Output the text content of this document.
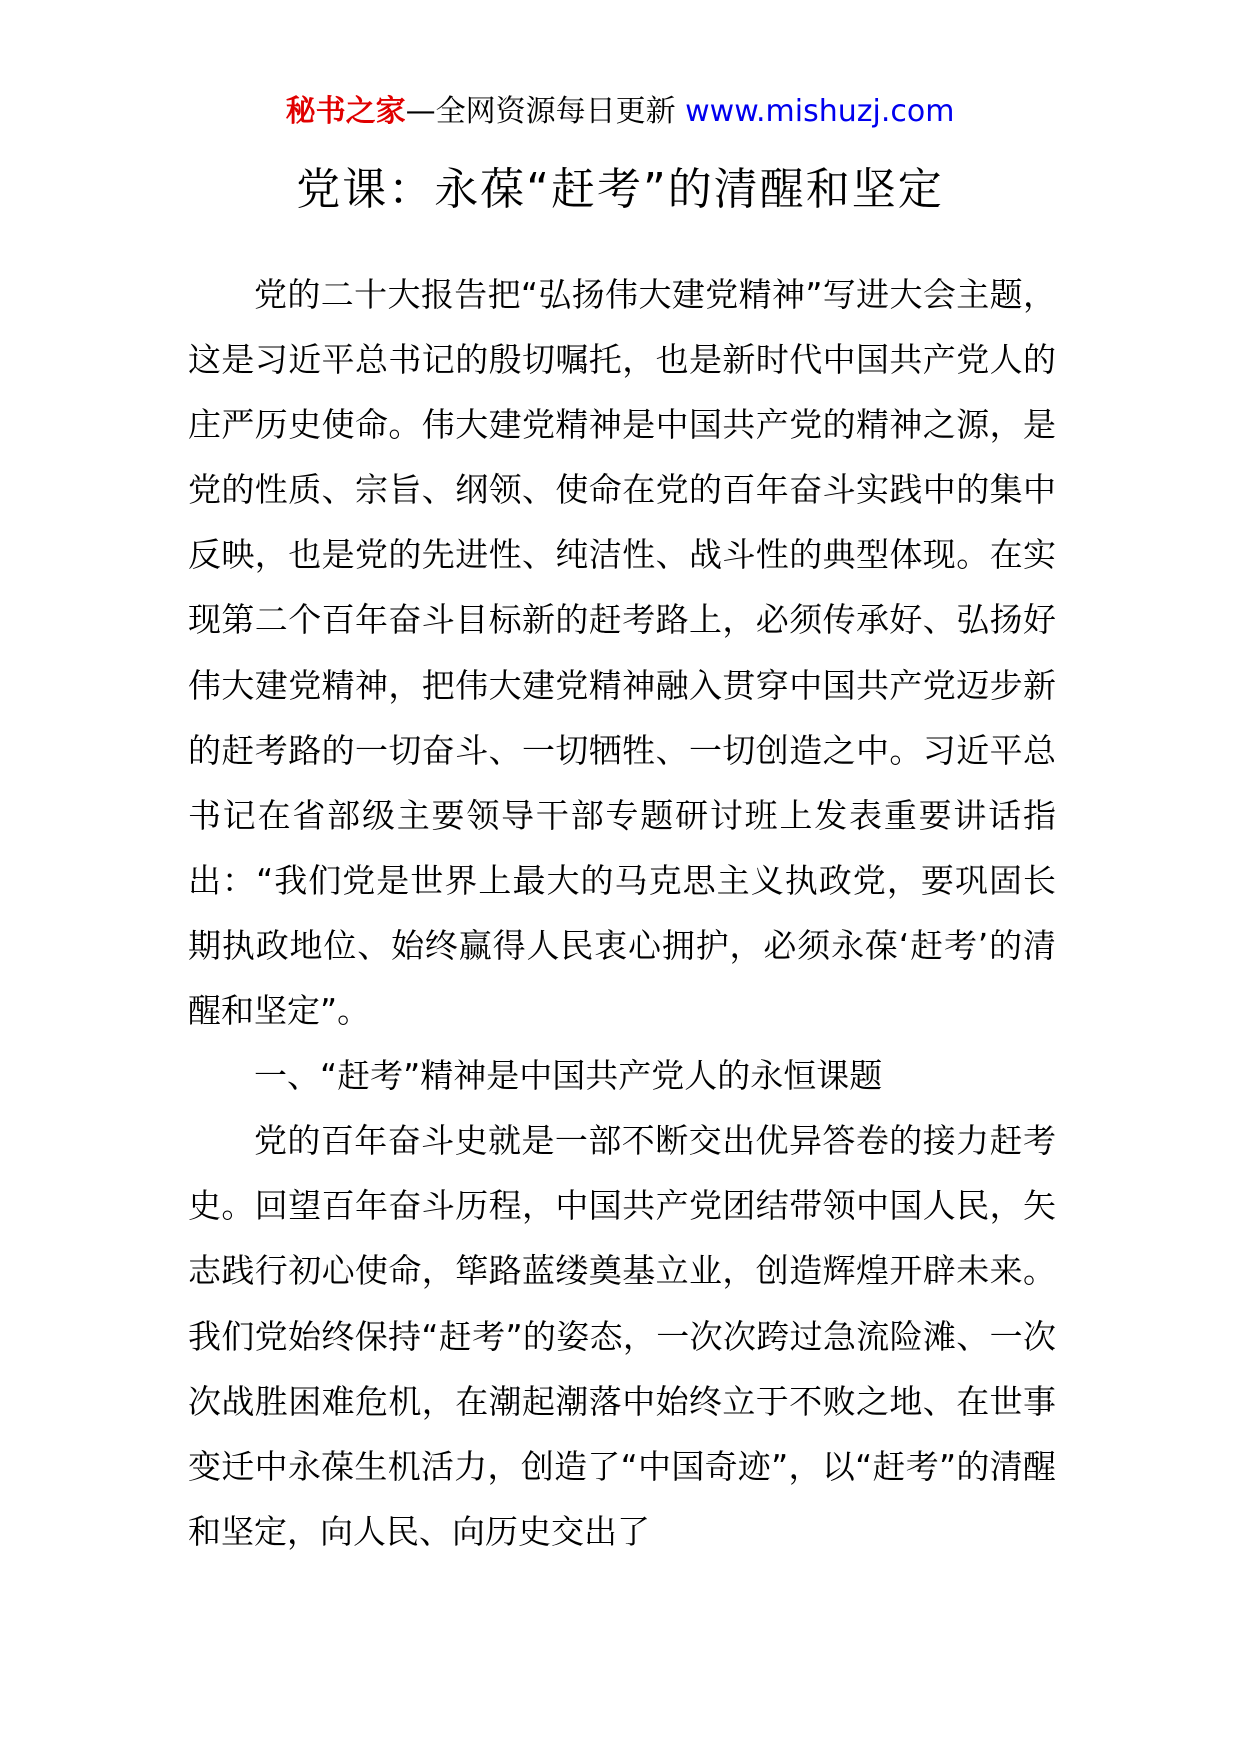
秘书之家—全网资源每日更新 www.mishuzj.com
党课：永葆“赶考”的清醒和坚定

党的二十大报告把“弘扬伟大建党精神”写进大会主题，这是习近平总书记的殷切嘱托，也是新时代中国共产党人的庄严历史使命。伟大建党精神是中国共产党的精神之源，是党的性质、宗旨、纲领、使命在党的百年奋斗实践中的集中反映，也是党的先进性、纯洁性、战斗性的典型体现。在实现第二个百年奋斗目标新的赶考路上，必须传承好、弘扬好伟大建党精神，把伟大建党精神融入贯穿中国共产党迈步新的赶考路的一切奋斗、一切牺牲、一切创造之中。习近平总书记在省部级主要领导干部专题研讨班上发表重要讲话指出：“我们党是世界上最大的马克思主义执政党，要巩固长期执政地位、始终赢得人民衷心拥护，必须永葆‘赶考’的清醒和坚定”。

一、“赶考”精神是中国共产党人的永恒课题

党的百年奋斗史就是一部不断交出优异答卷的接力赶考史。回望百年奋斗历程，中国共产党团结带领中国人民，矢志践行初心使命，筚路蓝缕奠基立业，创造辉煌开辟未来。我们党始终保持“赶考”的姿态，一次次跨过急流险滩、一次次战胜困难危机，在潮起潮落中始终立于不败之地、在世事变迁中永葆生机活力，创造了“中国奇迹”，以“赶考”的清醒和坚定，向人民、向历史交出了
